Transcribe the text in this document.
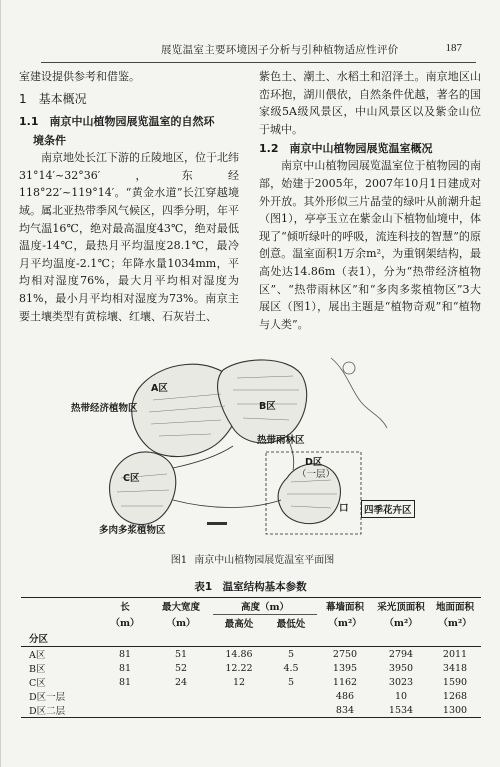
展览温室主要环境因子分析与引种植物适应性评价	187

室建设提供参考和借鉴。

1　基本概况
1.1　南京中山植物园展览温室的自然环
境条件

南京地处长江下游的丘陵地区，位于北纬31°14′~32°36′，东经118°22′~119°14′。“黄金水道”长江穿越境域。属北亚热带季风气候区，四季分明，年平均气温16℃，绝对最高温度43℃，绝对最低温度-14℃，最热月平均温度28.1℃，最冷月平均温度-2.1℃；年降水量1034mm，平均相对湿度76%，最大月平均相对湿度为81%，最小月平均相对湿度为73%。南京主要土壤类型有黄棕壤、红壤、石灰岩土、

紫色土、潮土、水稻土和沼泽土。南京地区山峦环抱，湖川偎依，自然条件优越，著名的国家级5A级风景区，中山风景区以及紫金山位于城中。

1.2　南京中山植物园展览温室概况

南京中山植物园展览温室位于植物园的南部，始建于2005年，2007年10月1日建成对外开放。其外形似三片晶莹的绿叶从前潮升起（图1），亭亭玉立在紫金山下植物仙境中，体现了“倾听绿叶的呼吸，流连科技的智慧”的原创意。温室面积1万余m²，为重钢架结构，最高处达14.86m（表1），分为“热带经济植物区”、“热带雨林区”和“多肉多浆植物区”3大展区（图1），展出主题是“植物奇观”和“植物与人类”。

A区
B区
热带经济植物区
热带雨林区
C区
D区
（一层）
多肉多浆植物区
口	四季花卉区
图1 南京中山植物园展览温室平面图
表1　温室结构基本参数
	长	最大宽度	高度（m）		幕墙面积	采光顶面积	地面面积
	（m）	（m）	最高处	最低处	（m²）	（m²）	（m²）
分区							
A区	81	51	14.86	5	2750	2794	2011
B区	81	52	12.22	4.5	1395	3950	3418
C区	81	24	12	5	1162	3023	1590
D区一层					486	10	1268
D区二层					834	1534	1300
